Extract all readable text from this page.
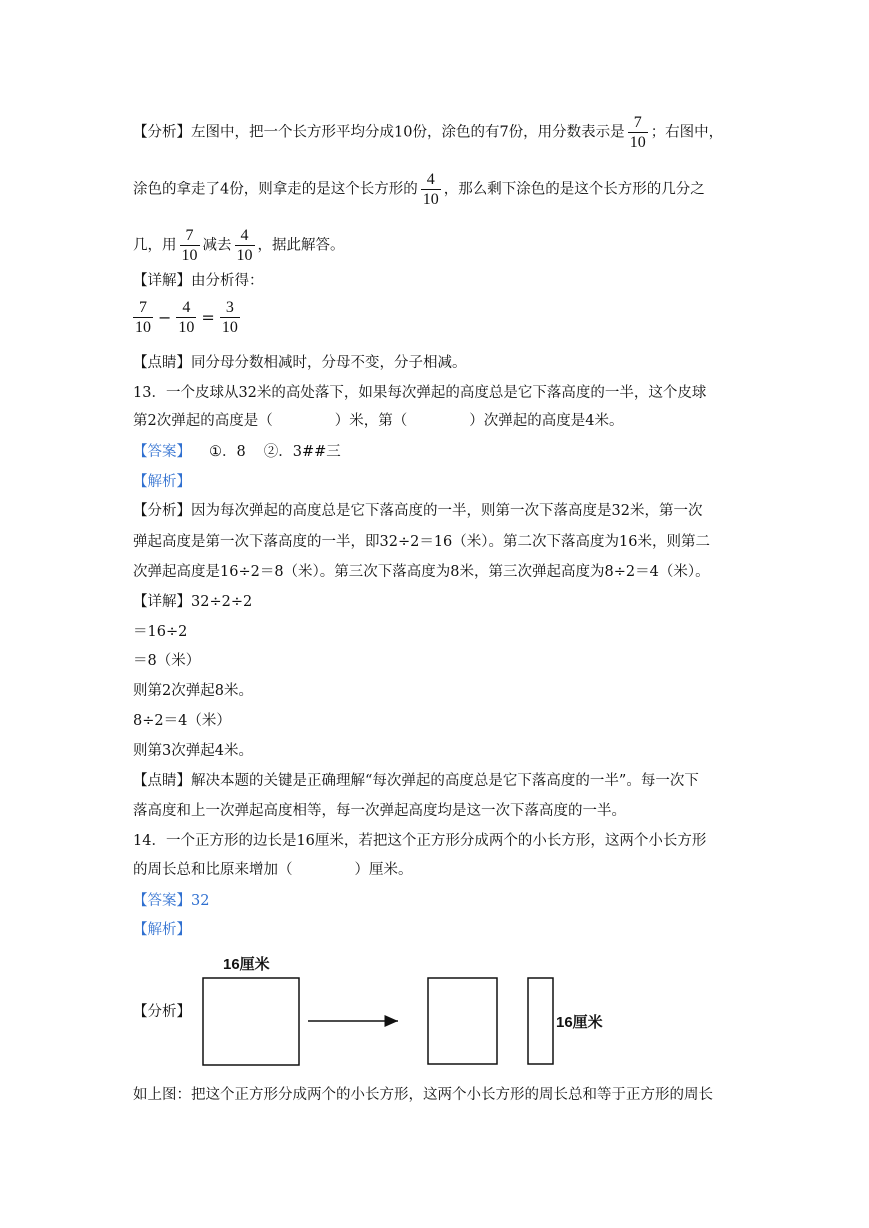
【分析】左图中，把一个长方形平均分成10份，涂色的有7份，用分数表示是 $\frac{7}{10}$ ；右图中，
涂色的拿走了4份，则拿走的是这个长方形的 $\frac{4}{10}$ ，那么剩下涂色的是这个长方形的几分之
几，用 $\frac{7}{10}$ 减去 $\frac{4}{10}$ ，据此解答。
【详解】由分析得：
$\frac{7}{10} - \frac{4}{10} = \frac{3}{10}$
【点睛】同分母分数相减时，分母不变，分子相减。
13．一个皮球从32米的高处落下，如果每次弹起的高度总是它下落高度的一半，这个皮球
第2次弹起的高度是（	）米，第（	）次弹起的高度是4米。
【答案】 ①．8 ②．3##三
【解析】
【分析】因为每次弹起的高度总是它下落高度的一半，则第一次下落高度是32米，第一次
弹起高度是第一次下落高度的一半，即32÷2＝16（米）。第二次下落高度为16米，则第二
次弹起高度是16÷2＝8（米）。第三次下落高度为8米，第三次弹起高度为8÷2＝4（米）。
【详解】32÷2÷2
＝16÷2
＝8（米）
则第2次弹起8米。
8÷2＝4（米）
则第3次弹起4米。
【点睛】解决本题的关键是正确理解“每次弹起的高度总是它下落高度的一半”。每一次下
落高度和上一次弹起高度相等，每一次弹起高度均是这一次下落高度的一半。
14．一个正方形的边长是16厘米，若把这个正方形分成两个的小长方形，这两个小长方形
的周长总和比原来增加（	）厘米。
【答案】32
【解析】
【分析】
16厘米
16厘米
如上图：把这个正方形分成两个的小长方形，这两个小长方形的周长总和等于正方形的周长
